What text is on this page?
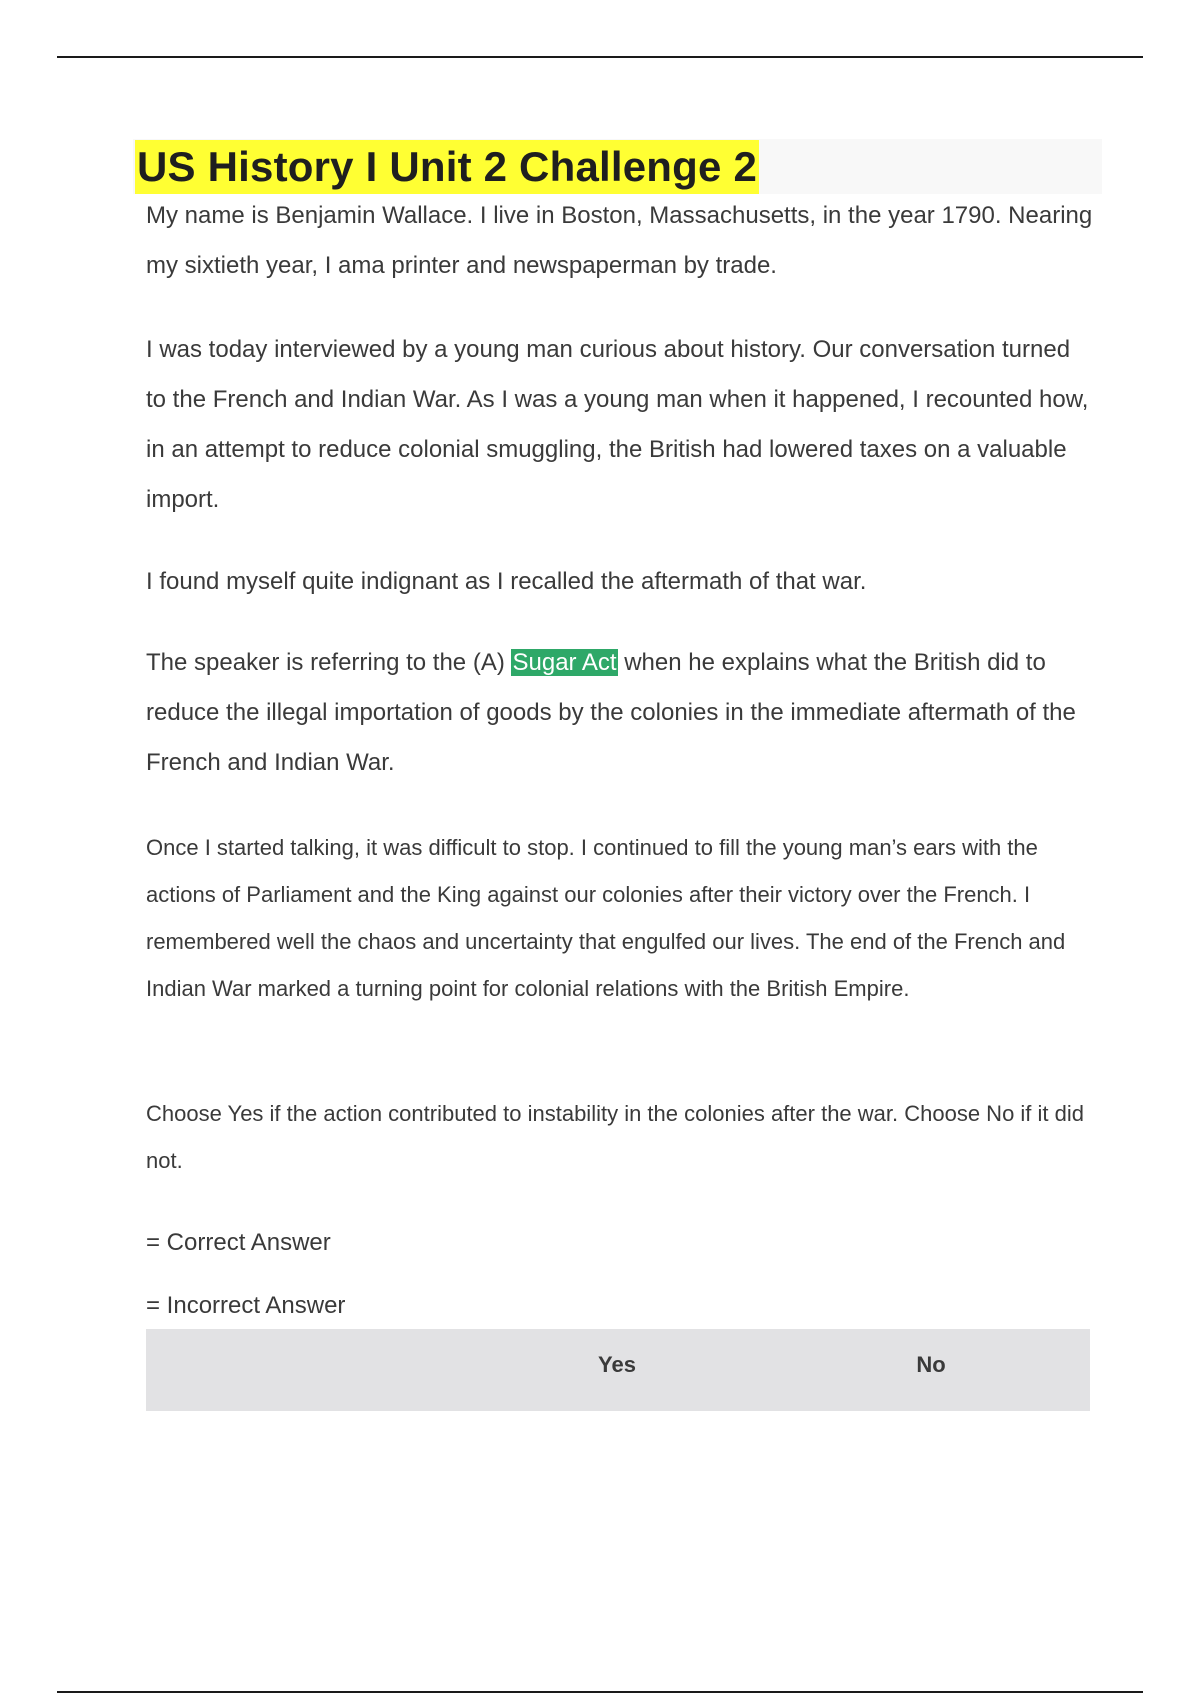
US History I Unit 2 Challenge 2

My name is Benjamin Wallace. I live in Boston, Massachusetts, in the year 1790. Nearing my sixtieth year, I ama printer and newspaperman by trade.

I was today interviewed by a young man curious about history. Our conversation turned to the French and Indian War. As I was a young man when it happened, I recounted how, in an attempt to reduce colonial smuggling, the British had lowered taxes on a valuable import.

I found myself quite indignant as I recalled the aftermath of that war.

The speaker is referring to the (A) Sugar Act when he explains what the British did to reduce the illegal importation of goods by the colonies in the immediate aftermath of the French and Indian War.

Once I started talking, it was difficult to stop. I continued to fill the young man’s ears with the actions of Parliament and the King against our colonies after their victory over the French. I remembered well the chaos and uncertainty that engulfed our lives. The end of the French and Indian War marked a turning point for colonial relations with the British Empire.

Choose Yes if the action contributed to instability in the colonies after the war. Choose No if it did not.

= Correct Answer
= Incorrect Answer
Yes	No
